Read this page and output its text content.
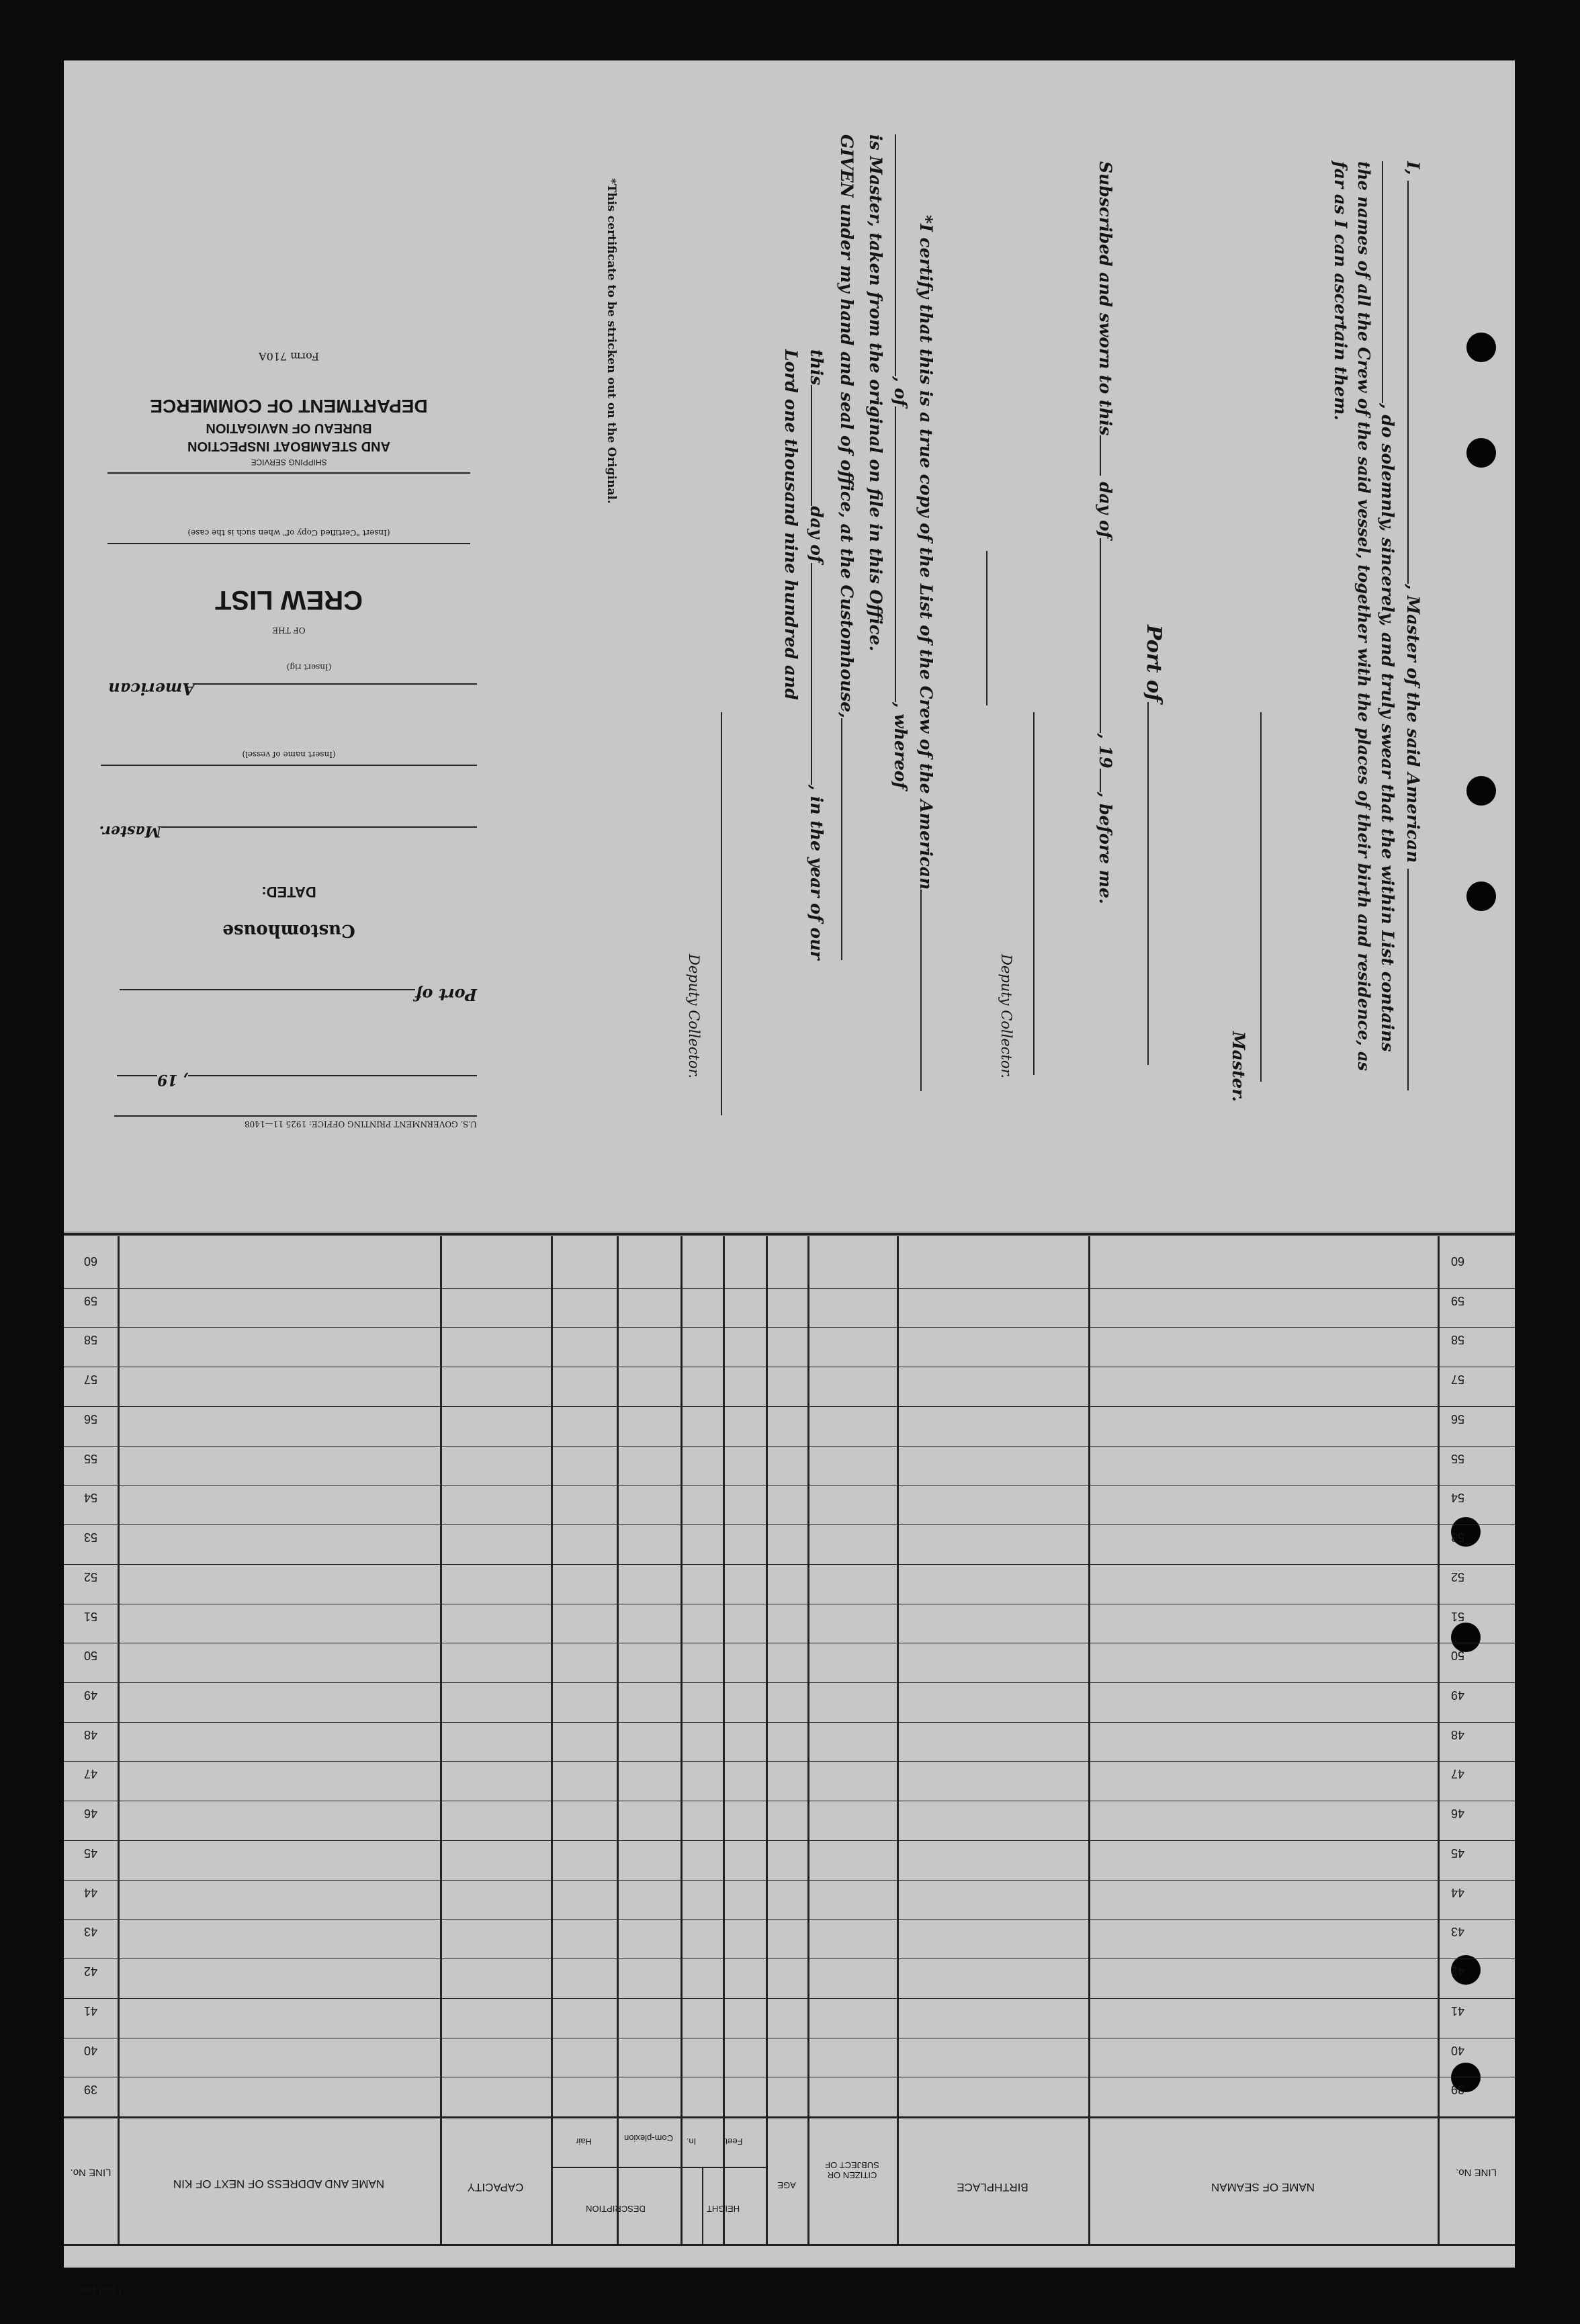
I, , Master of the said American
, do solemnly, sincerely, and truly swear that the within List contains
the names of all the Crew of the said vessel, together with the places of their birth and residence, as
far as I can ascertain them.
Master.
Port of
Subscribed and sworn to this day of, 19, before me.
Deputy Collector.
*I certify that this is a true copy of the List of the Crew of the American
, of, whereof
is Master, taken from the original on file in this Office.
GIVEN under my hand and seal of office, at the Customhouse,
thisday of, in the year of our
Lord one thousand nine hundred and
Deputy Collector.
*This certificate to be stricken out on the Original.
U.S. GOVERNMENT PRINTING OFFICE: 1925 11—1408
, 19
Port of
Customhouse
DATED:
Master.
(Insert name of vessel)
American
(Insert rig)
OF THE
CREW LIST
(Insert "Certified Copy of" when such is the case)
SHIPPING SERVICE
AND STEAMBOAT INSPECTION
BUREAU OF NAVIGATION
DEPARTMENT OF COMMERCE
Form 710A
60
60
59
59
58
58
57
57
56
56
55
55
54
54
53
53
52
52
51
51
50
50
49
49
48
48
47
47
46
46
45
45
44
44
43
43
42
42
41
41
40
40
39
39
LINE No.
NAME OF SEAMAN
BIRTHPLACE
CITIZEN OR SUBJECT OF
AGE
HEIGHT
Feet
In.
DESCRIPTION
Com-plexion
Hair
CAPACITY
NAME AND ADDRESS OF NEXT OF KIN
LINE No.
11—1408
